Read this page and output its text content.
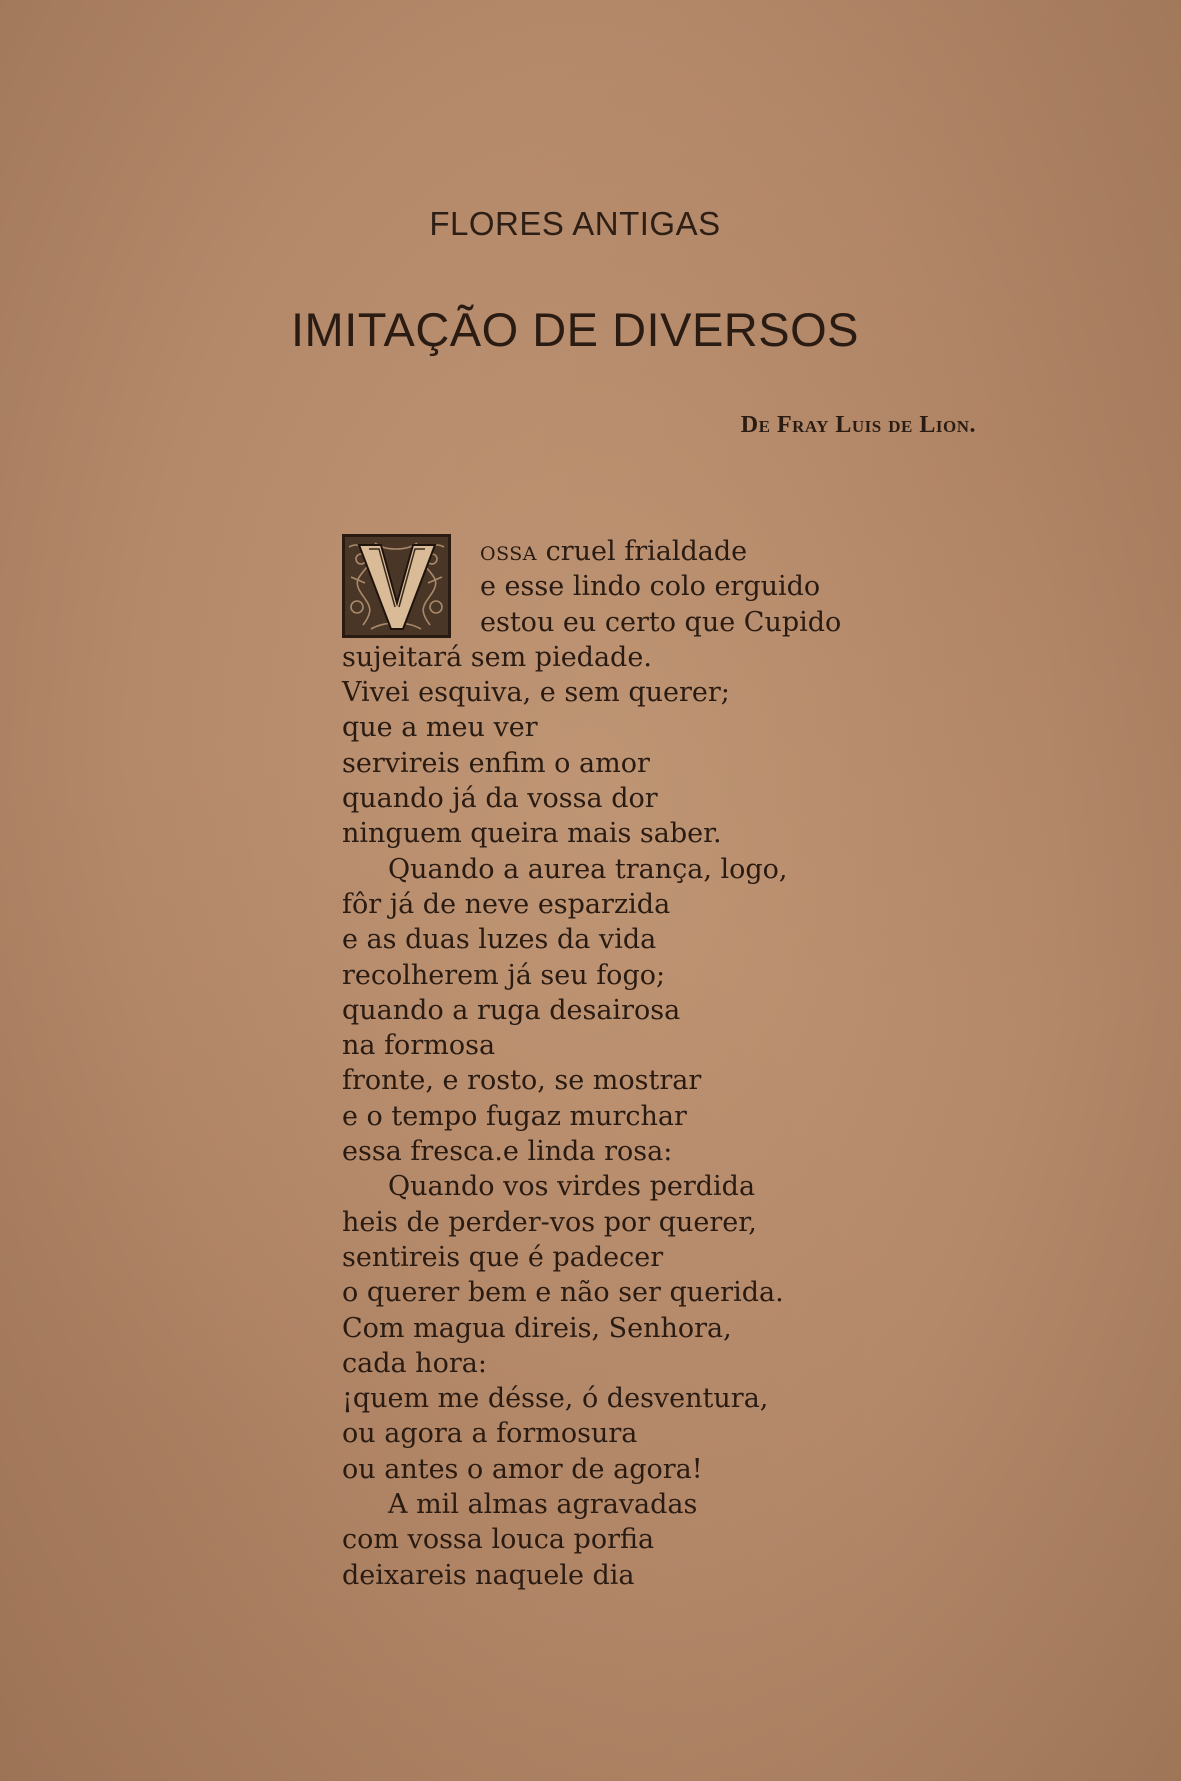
FLORES ANTIGAS
IMITAÇÃO DE DIVERSOS
De Fray Luis de Lion.
ossa cruel frialdade
e esse lindo colo erguido
estou eu certo que Cupido
sujeitará sem piedade.
Vivei esquiva, e sem querer;
que a meu ver
servireis enfim o amor
quando já da vossa dor
ninguem queira mais saber.
Quando a aurea trança, logo,
fôr já de neve esparzida
e as duas luzes da vida
recolherem já seu fogo;
quando a ruga desairosa
na formosa
fronte, e rosto, se mostrar
e o tempo fugaz murchar
essa fresca.e linda rosa:
Quando vos virdes perdida
heis de perder-vos por querer,
sentireis que é padecer
o querer bem e não ser querida.
Com magua direis, Senhora,
cada hora:
¡quem me désse, ó desventura,
ou agora a formosura
ou antes o amor de agora!
A mil almas agravadas
com vossa louca porfia
deixareis naquele dia
